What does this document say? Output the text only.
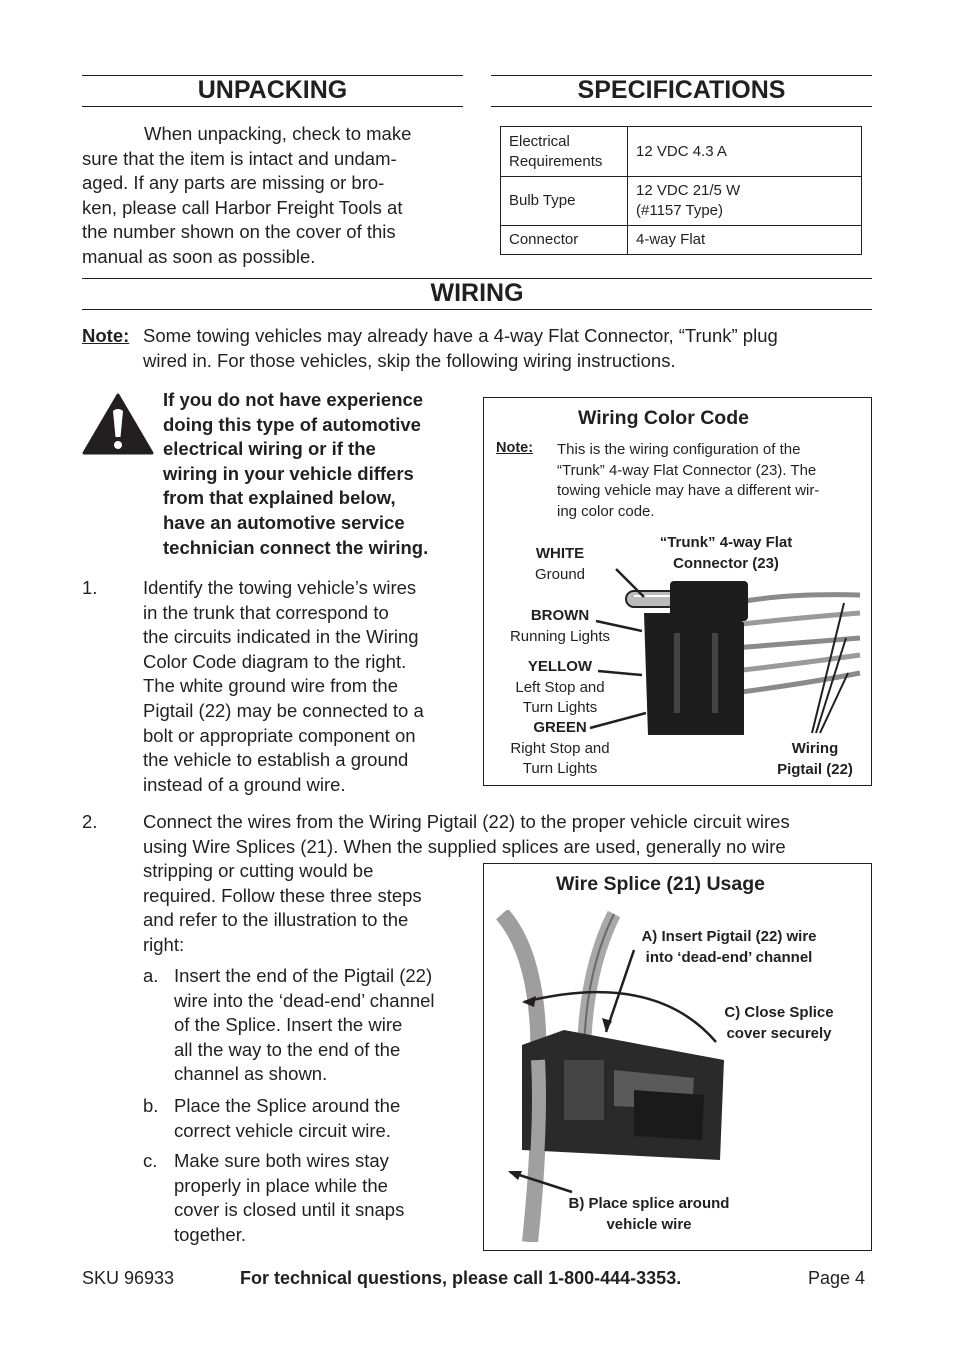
UNPACKING
When unpacking, check to make
sure that the item is intact and undam-
aged. If any parts are missing or bro-
ken, please call Harbor Freight Tools at
the number shown on the cover of this
manual as soon as possible.
SPECIFICATIONS
Electrical
Requirements	12 VDC 4.3 A

Bulb Type	12 VDC 21/5 W
(#1157 Type)

Connector	4-way Flat
WIRING
Note: Some towing vehicles may already have a 4-way Flat Connector, “Trunk” plug
wired in. For those vehicles, skip the following wiring instructions.
If you do not have experience
doing this type of automotive
electrical wiring or if the
wiring in your vehicle differs
from that explained below,
have an automotive service
technician connect the wiring.
1. Identify the towing vehicle’s wires
in the trunk that correspond to
the circuits indicated in the Wiring
Color Code diagram to the right.
The white ground wire from the
Pigtail (22) may be connected to a
bolt or appropriate component on
the vehicle to establish a ground
instead of a ground wire.
Wiring Color Code
Note: This is the wiring configuration of the
“Trunk” 4-way Flat Connector (23). The
towing vehicle may have a different wir-
ing color code.
“Trunk” 4-way Flat
Connector (23)
WHITE
Ground
BROWN
Running Lights
YELLOW
Left Stop and
Turn Lights
GREEN
Right Stop and
Turn Lights
Wiring
Pigtail (22)
2. Connect the wires from the Wiring Pigtail (22) to the proper vehicle circuit wires
using Wire Splices (21). When the supplied splices are used, generally no wire
stripping or cutting would be
required. Follow these three steps
and refer to the illustration to the
right:
a. Insert the end of the Pigtail (22)
wire into the ‘dead-end’ channel
of the Splice. Insert the wire
all the way to the end of the
channel as shown.
b. Place the Splice around the
correct vehicle circuit wire.
c. Make sure both wires stay
properly in place while the
cover is closed until it snaps
together.
Wire Splice (21) Usage
A) Insert Pigtail (22) wire
into ‘dead-end’ channel
C) Close Splice
cover securely
B) Place splice around
vehicle wire
SKU 96933	For technical questions, please call 1-800-444-3353.	Page 4
